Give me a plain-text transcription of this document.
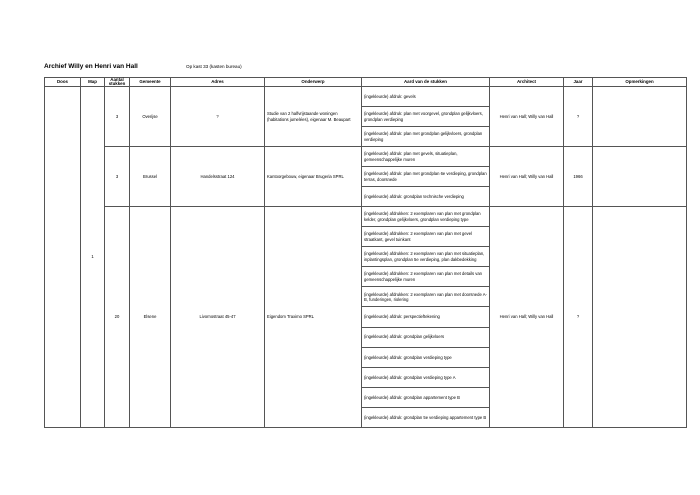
Archief Willy en Henri van Hall	Op kast 33 (kasten bureau)
Doos	Map	Aantal stukken	Gemeente	Adres	Onderwerp	Aard van de stukken	Architect	Jaar	Opmerkingen
	1	3	Overijse	?	Studie van 2 halfvrijstaande woningen (habitations jumelées), eigenaar M. Beaupart	(ingekleurde) afdruk: gevels	Henri van Hall; Willy van Hall	?	
						(ingekleurde) afdruk: plan met voorgevel, grondplan gelijkvloers, grondplan verdieping			
						(ingekleurde) afdruk: plan met grondplan gelijkvloers, grondplan verdieping			
		3	Brussel	Handelsstraat 124	Kantoorgebouw, eigenaar Brugeria SPRL	(ingekleurde) afdruk: plan met gevels, situatieplan, gemeenschappelijke muren	Henri van Hall; Willy van Hall	1966	
						(ingekleurde) afdruk: plan met grondplan 6e verdieping, grondplan terras, doorsnede			
						(ingekleurde) afdruk: grondplan technische verdieping			
		20	Elsene	Livornostraat 45-47	Eigendom Traximo SPRL	(ingekleurde) afdrukken: 2 exemplaren van plan met grondplan kelder, grondplan gelijkvloers, grondplan verdieping type	Henri van Hall; Willy van Hall	?	
						(ingekleurde) afdrukken: 2 exemplaren van plan met gevel straatkant, gevel tuinkant			
						(ingekleurde) afdrukken: 2 exemplaren van plan met situatieplan, inplantingsplan, grondplan 5e verdieping, plan dakbedekking			
						(ingekleurde) afdrukken: 2 exemplaren van plan met details van gemeenschappelijke muren			
						(ingekleurde) afdrukken: 2 exemplaren van plan met doorsnede A-B, funderingen, riolering			
						(ingekleurde) afdruk: perspectieftekening			
						(ingekleurde) afdruk: grondplan gelijkvloers			
						(ingekleurde) afdruk: grondplan verdieping type			
						(ingekleurde) afdruk: grondplan verdieping type A			
						(ingekleurde) afdruk: grondplan appartement type B			
						(ingekleurde) afdruk: grondplan 5e verdieping appartement type B			
